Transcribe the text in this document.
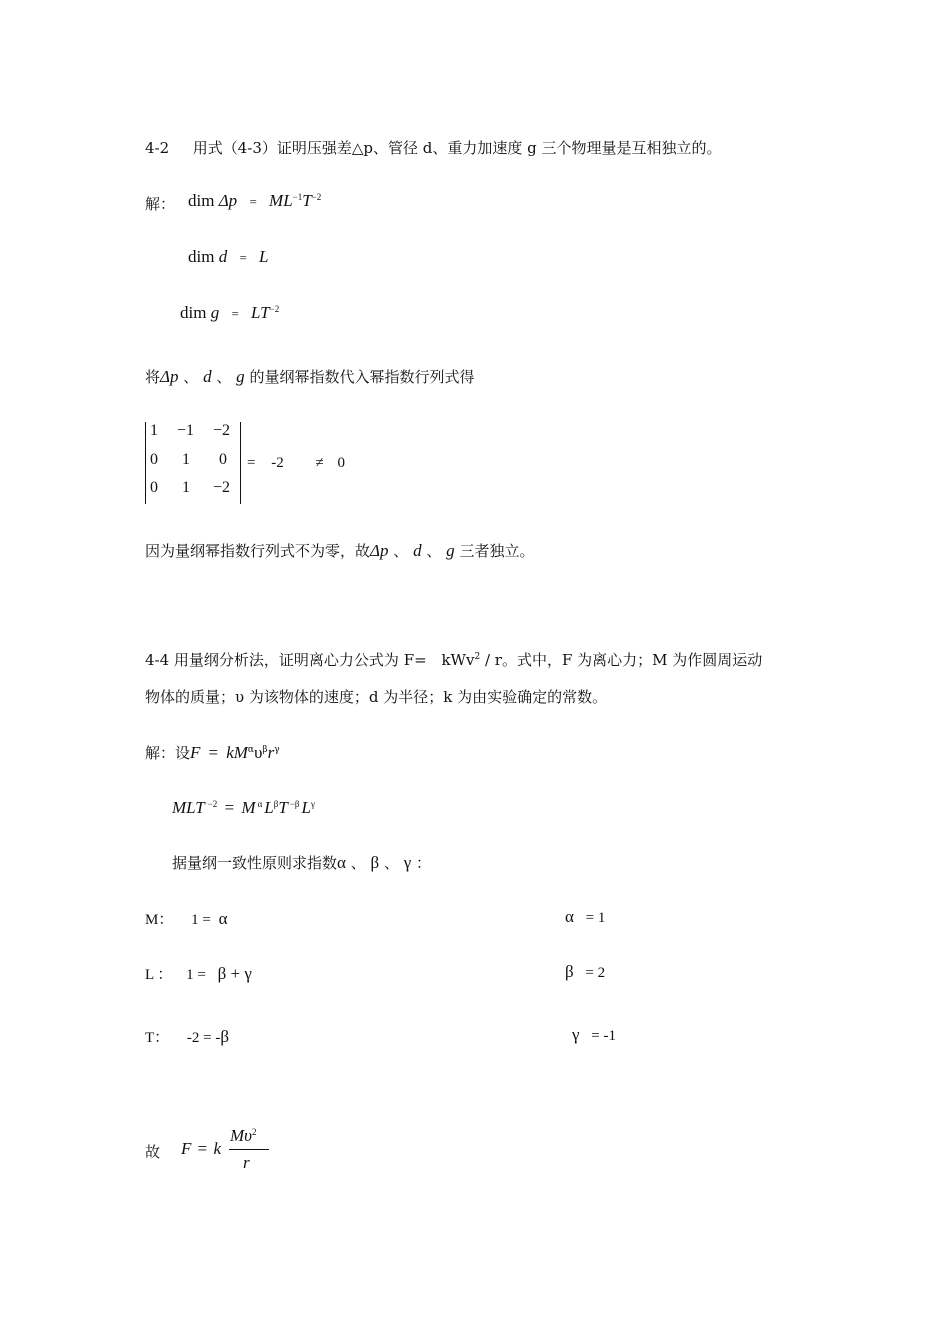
4-2 用式（4-3）证明压强差△p、管径 d、重力加速度 g 三个物理量是互相独立的。
解： dim $\Delta p = ML^{-1}T^{-2}$
dim d = L
dim $g = LT^{-2}$
将Δp 、 d 、 g 的量纲幂指数代入幂指数行列式得
1 −1 −2
0 1 0
0 1 −2
= -2 ≠ 0
因为量纲幂指数行列式不为零，故Δp 、 d 、 g 三者独立。
4-4 用量纲分析法，证明离心力公式为 F= kWv$^2$ / r。式中，F 为离心力；M 为作圆周运动
物体的质量；υ 为该物体的速度；d 为半径；k 为由实验确定的常数。
解：设$F = kM^\alpha\upsilon^\beta r^\gamma$
MLT $^{-2}$ = M $^\alpha$ $L^\beta T$ $^{-\beta}$ $L^\gamma$
据量纲一致性原则求指数α 、 β 、 γ ：
M： 1 = α	α = 1
L ： 1 = β + γ	β = 2
T： -2 = -β	γ = -1
故 F = k
$M\upsilon^2$
r
